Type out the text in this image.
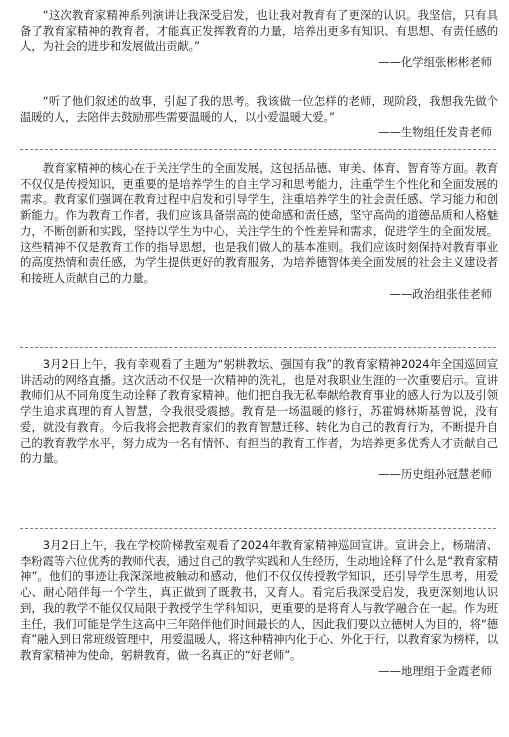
“这次教育家精神系列演讲让我深受启发，也让我对教育有了更深的认识。我坚信，只有具备了教育家精神的教育者，才能真正发挥教育的力量，培养出更多有知识、有思想、有责任感的人，为社会的进步和发展做出贡献。”

——化学组张彬彬老师

“听了他们叙述的故事，引起了我的思考。我该做一位怎样的老师，现阶段，我想我先做个温暖的人，去陪伴去鼓励那些需要温暖的人，以小爱温暖大爱。”

——生物组任发青老师

教育家精神的核心在于关注学生的全面发展，这包括品德、审美、体育、智育等方面。教育不仅仅是传授知识，更重要的是培养学生的自主学习和思考能力，注重学生个性化和全面发展的需求。教育家们强调在教育过程中启发和引导学生，注重培养学生的社会责任感、学习能力和创新能力。作为教育工作者，我们应该具备崇高的使命感和责任感，坚守高尚的道德品质和人格魅力，不断创新和实践，坚持以学生为中心，关注学生的个性差异和需求，促进学生的全面发展。这些精神不仅是教育工作的指导思想，也是我们做人的基本准则。我们应该时刻保持对教育事业的高度热情和责任感，为学生提供更好的教育服务，为培养德智体美全面发展的社会主义建设者和接班人贡献自己的力量。

——政治组张佳老师

3月2日上午，我有幸观看了主题为“躬耕教坛、强国有我”的教育家精神2024年全国巡回宣讲活动的网络直播。这次活动不仅是一次精神的洗礼，也是对我职业生涯的一次重要启示。宣讲教师们从不同角度生动诠释了教育家精神。他们把自我无私奉献给教育事业的感人行为以及引领学生追求真理的育人智慧，令我很受震撼。教育是一场温暖的修行，苏霍姆林斯基曾说，没有爱，就没有教育。今后我将会把教育家们的教育智慧迁移、转化为自己的教育行为，不断提升自己的教育教学水平，努力成为一名有情怀、有担当的教育工作者，为培养更多优秀人才贡献自己的力量。

——历史组孙冠慧老师

3月2日上午，我在学校阶梯教室观看了2024年教育家精神巡回宣讲。宣讲会上，杨瑞清、李粉霞等六位优秀的教师代表，通过自己的教学实践和人生经历，生动地诠释了什么是“教育家精神”。他们的事迹让我深深地被触动和感动，他们不仅仅传授教学知识，还引导学生思考，用爱心、耐心陪伴每一个学生，真正做到了既教书，又育人。看完后我深受启发，我更深刻地认识到，我的教学不能仅仅局限于教授学生学科知识，更重要的是将育人与教学融合在一起。作为班主任，我们可能是学生这高中三年陪伴他们时间最长的人，因此我们要以立德树人为目的，将“德育”融入到日常班级管理中，用爱温暖人，将这种精神内化于心、外化于行，以教育家为榜样，以教育家精神为使命，躬耕教育，做一名真正的“好老师”。

——地理组于金霞老师
